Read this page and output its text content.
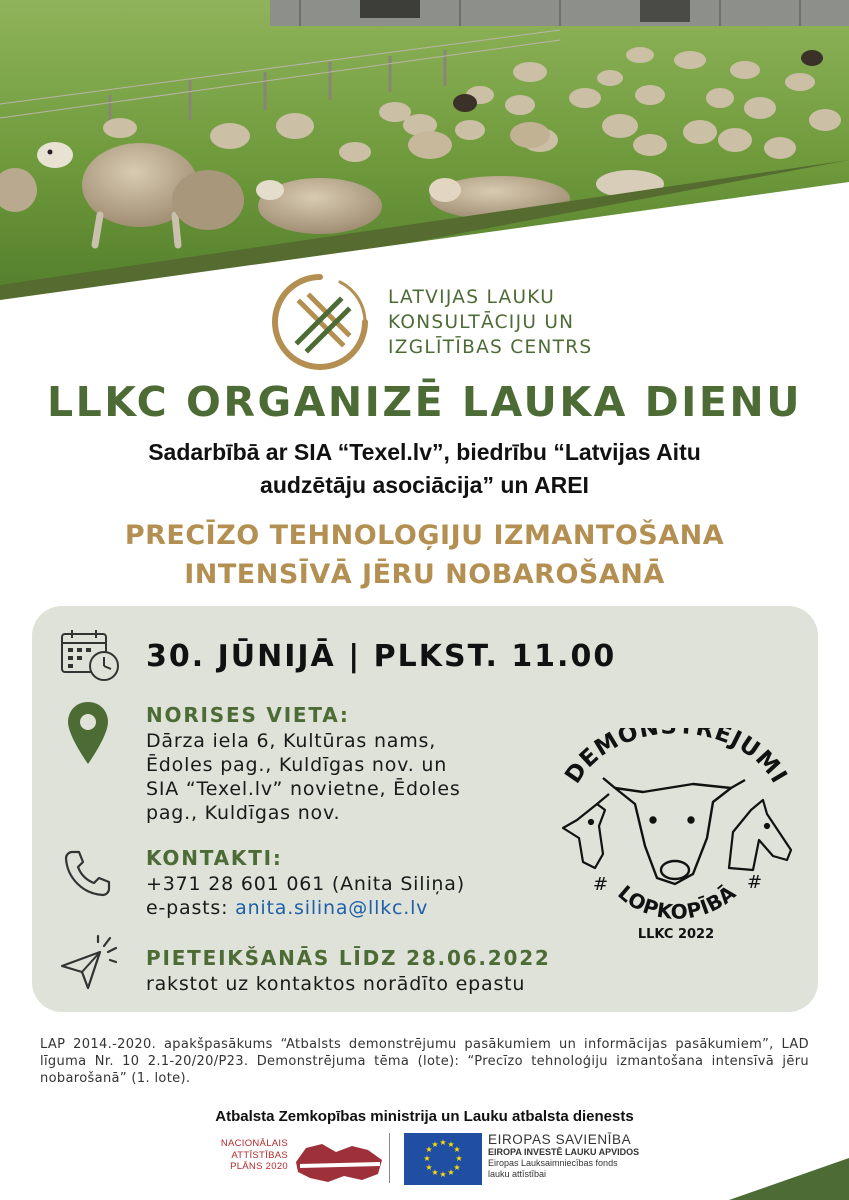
LATVIJAS LAUKU
KONSULTĀCIJU UN
IZGLĪTĪBAS CENTRS
LLKC ORGANIZĒ LAUKA DIENU
Sadarbībā ar SIA “Texel.lv”, biedrību “Latvijas Aitu
audzētāju asociācija” un AREI
PRECĪZO TEHNOLOĢIJU IZMANTOŠANA
INTENSĪVĀ JĒRU NOBAROŠANĀ
30. JŪNIJĀ | PLKST. 11.00
NORISES VIETA:
Dārza iela 6, Kultūras nams,
Ēdoles pag., Kuldīgas nov. un
SIA “Texel.lv” novietne, Ēdoles
pag., Kuldīgas nov.
KONTAKTI:
+371 28 601 061 (Anita Siliņa)
e-pasts: anita.silina@llkc.lv
PIETEIKŠANĀS LĪDZ 28.06.2022
rakstot uz kontaktos norādīto epastu
DEMON RĒJUMI
LOPKOPĪBĀ
#	#
LLKC 2022
LAP 2014.-2020. apakšpasākums “Atbalsts demonstrējumu pasākumiem un informācijas pasākumiem”, LAD līguma Nr. 10 2.1-20/20/P23. Demonstrējuma tēma (lote): “Precīzo tehnoloģiju izmantošana intensīvā jēru nobarošanā” (1. lote).
Atbalsta Zemkopības ministrija un Lauku atbalsta dienests
NACIONĀLAIS
ATTĪSTĪBAS
PLĀNS 2020
★ ★
★
★
★
★
★
★
★
★
★
★	EIROPAS SAVIENĪBA
EIROPA INVESTĒ LAUKU APVIDOS
Eiropas Lauksaimniecības fonds
lauku attīstībai
